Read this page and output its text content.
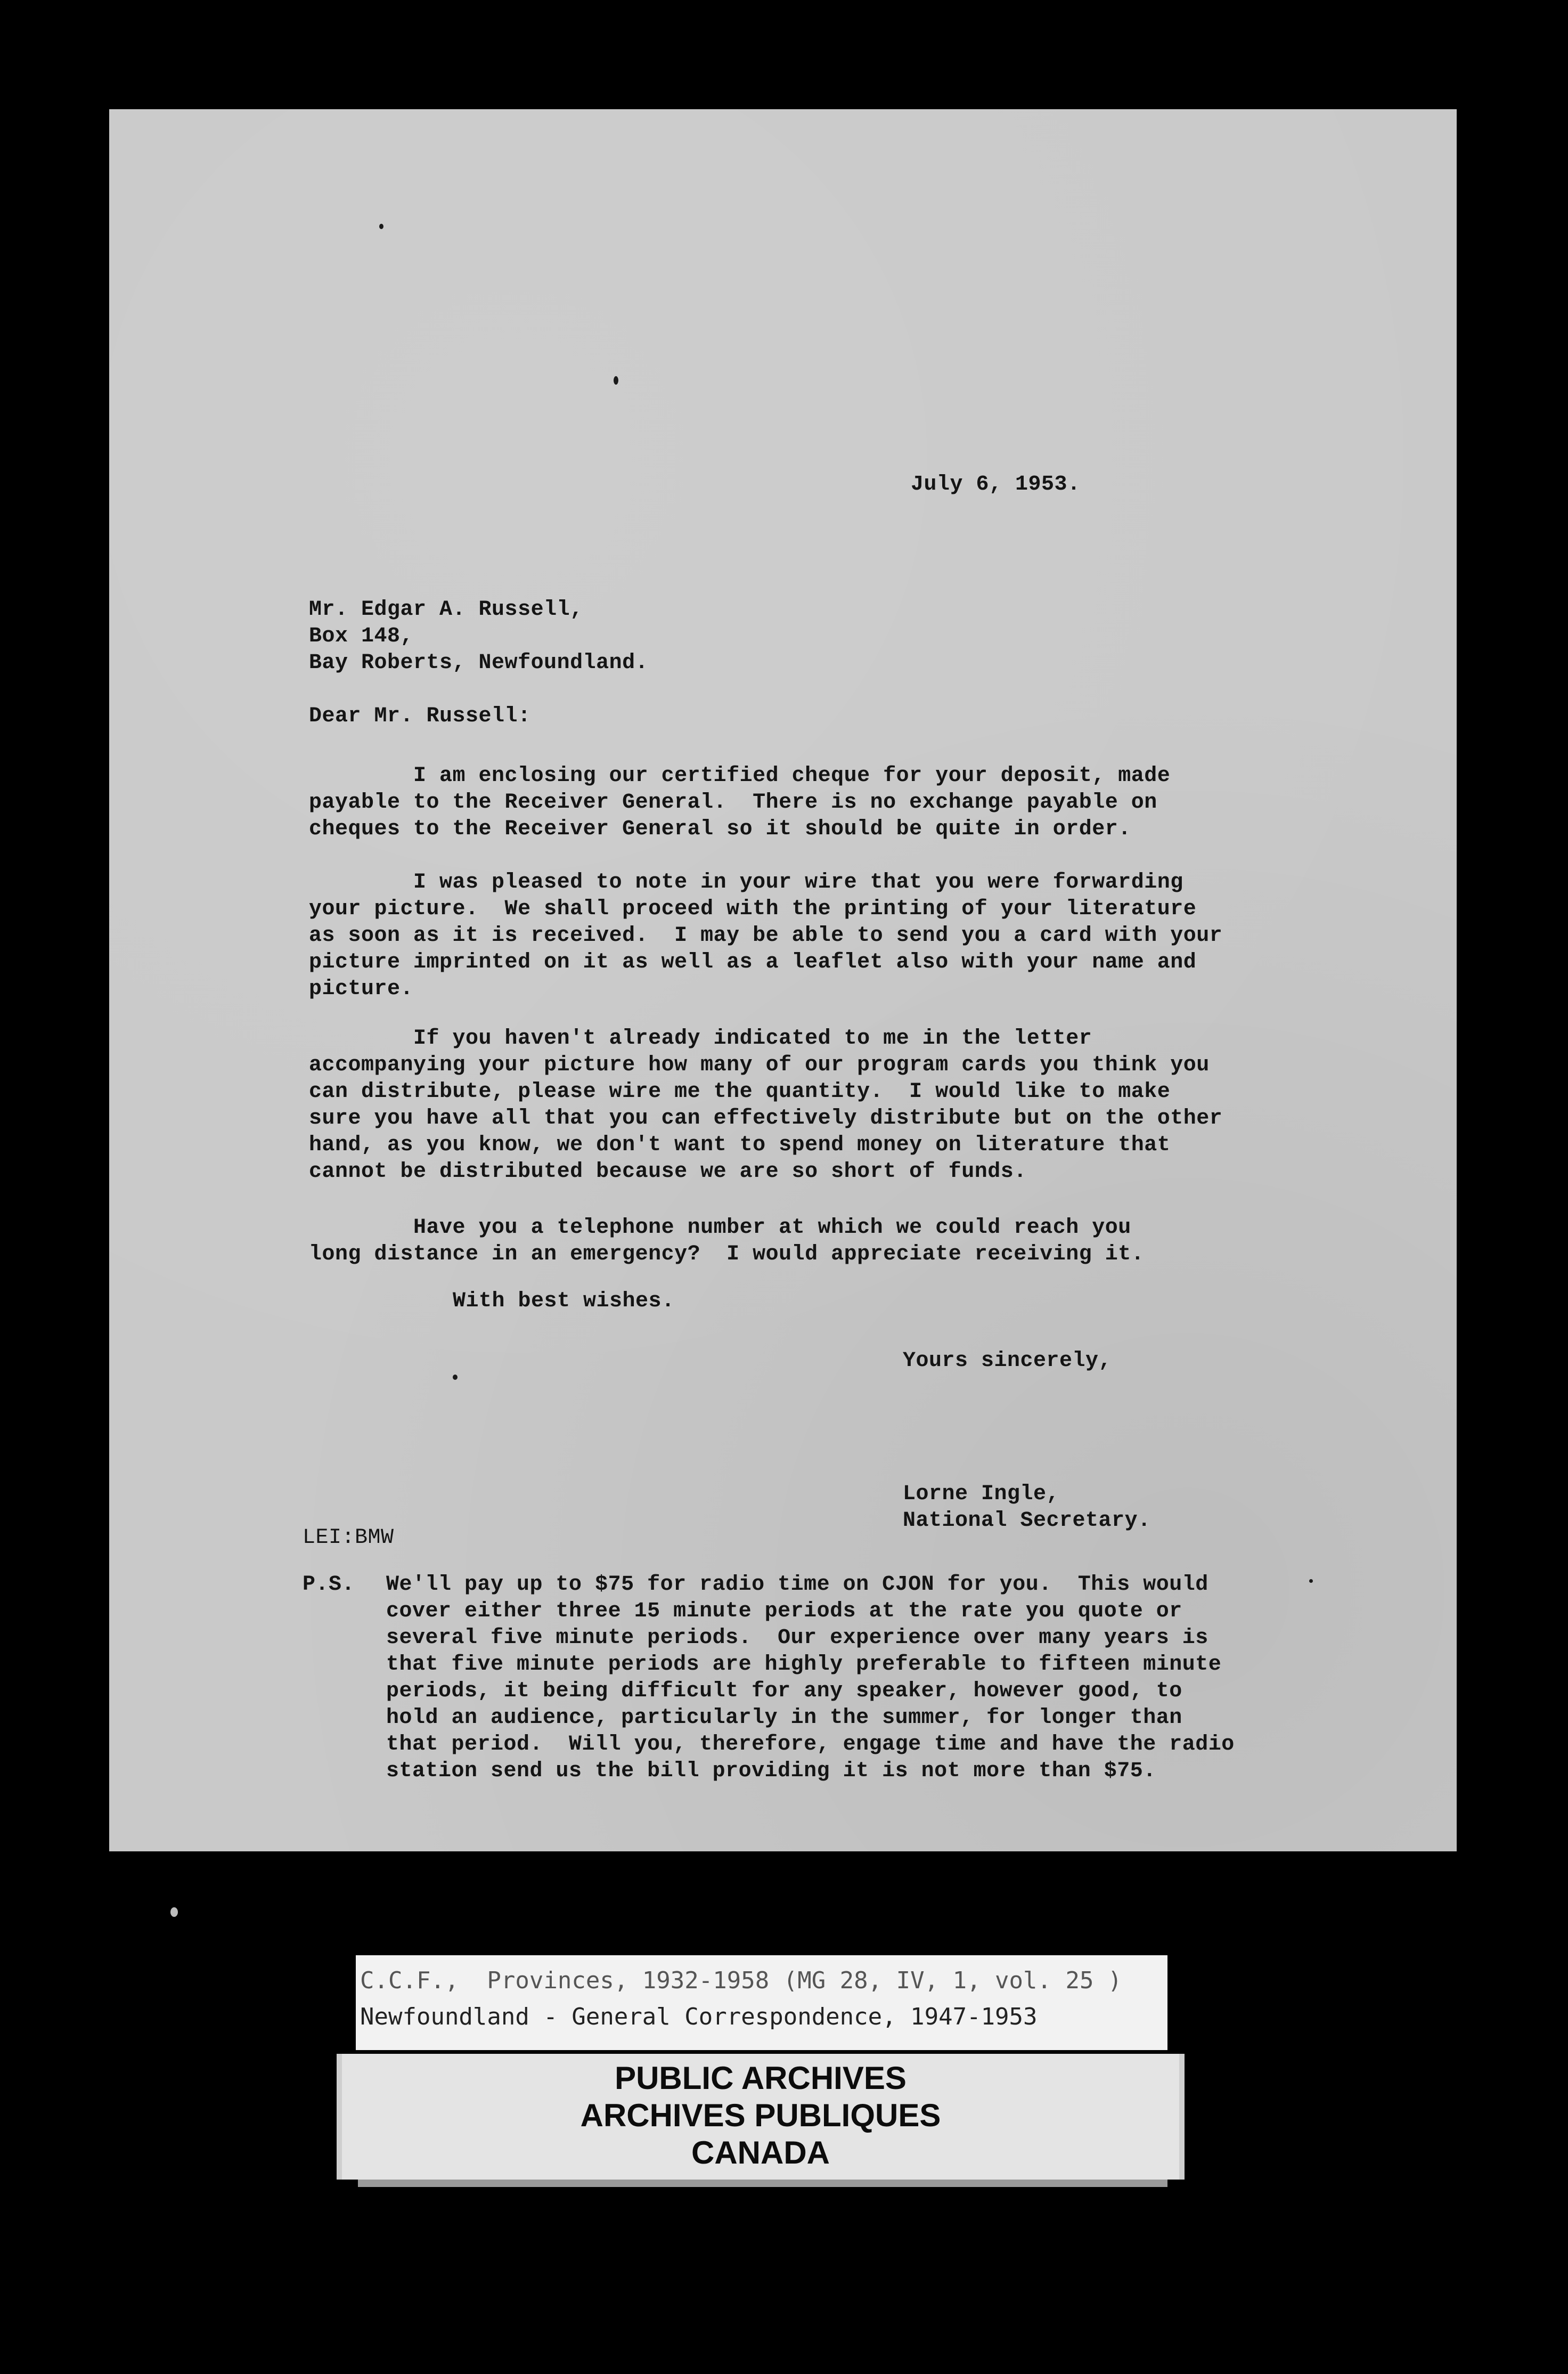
July 6, 1953.

Mr. Edgar A. Russell,
Box 148,
Bay Roberts, Newfoundland.

Dear Mr. Russell:

I am enclosing our certified cheque for your deposit, made
payable to the Receiver General.  There is no exchange payable on
cheques to the Receiver General so it should be quite in order.
I was pleased to note in your wire that you were forwarding
your picture.  We shall proceed with the printing of your literature
as soon as it is received.  I may be able to send you a card with your
picture imprinted on it as well as a leaflet also with your name and
picture.
If you haven't already indicated to me in the letter
accompanying your picture how many of our program cards you think you
can distribute, please wire me the quantity.  I would like to make
sure you have all that you can effectively distribute but on the other
hand, as you know, we don't want to spend money on literature that
cannot be distributed because we are so short of funds.
Have you a telephone number at which we could reach you
long distance in an emergency?  I would appreciate receiving it.

With best wishes.

Yours sincerely,

Lorne Ingle,
National Secretary.

LEI:BMW

P.S. We'll pay up to $75 for radio time on CJON for you.  This would
cover either three 15 minute periods at the rate you quote or
several five minute periods.  Our experience over many years is
that five minute periods are highly preferable to fifteen minute
periods, it being difficult for any speaker, however good, to
hold an audience, particularly in the summer, for longer than
that period.  Will you, therefore, engage time and have the radio
station send us the bill providing it is not more than $75.

C.C.F.,  Provinces, 1932-1958 (MG 28, IV, 1, vol. 25 )

Newfoundland - General Correspondence, 1947-1953

PUBLIC ARCHIVES

ARCHIVES PUBLIQUES

CANADA
